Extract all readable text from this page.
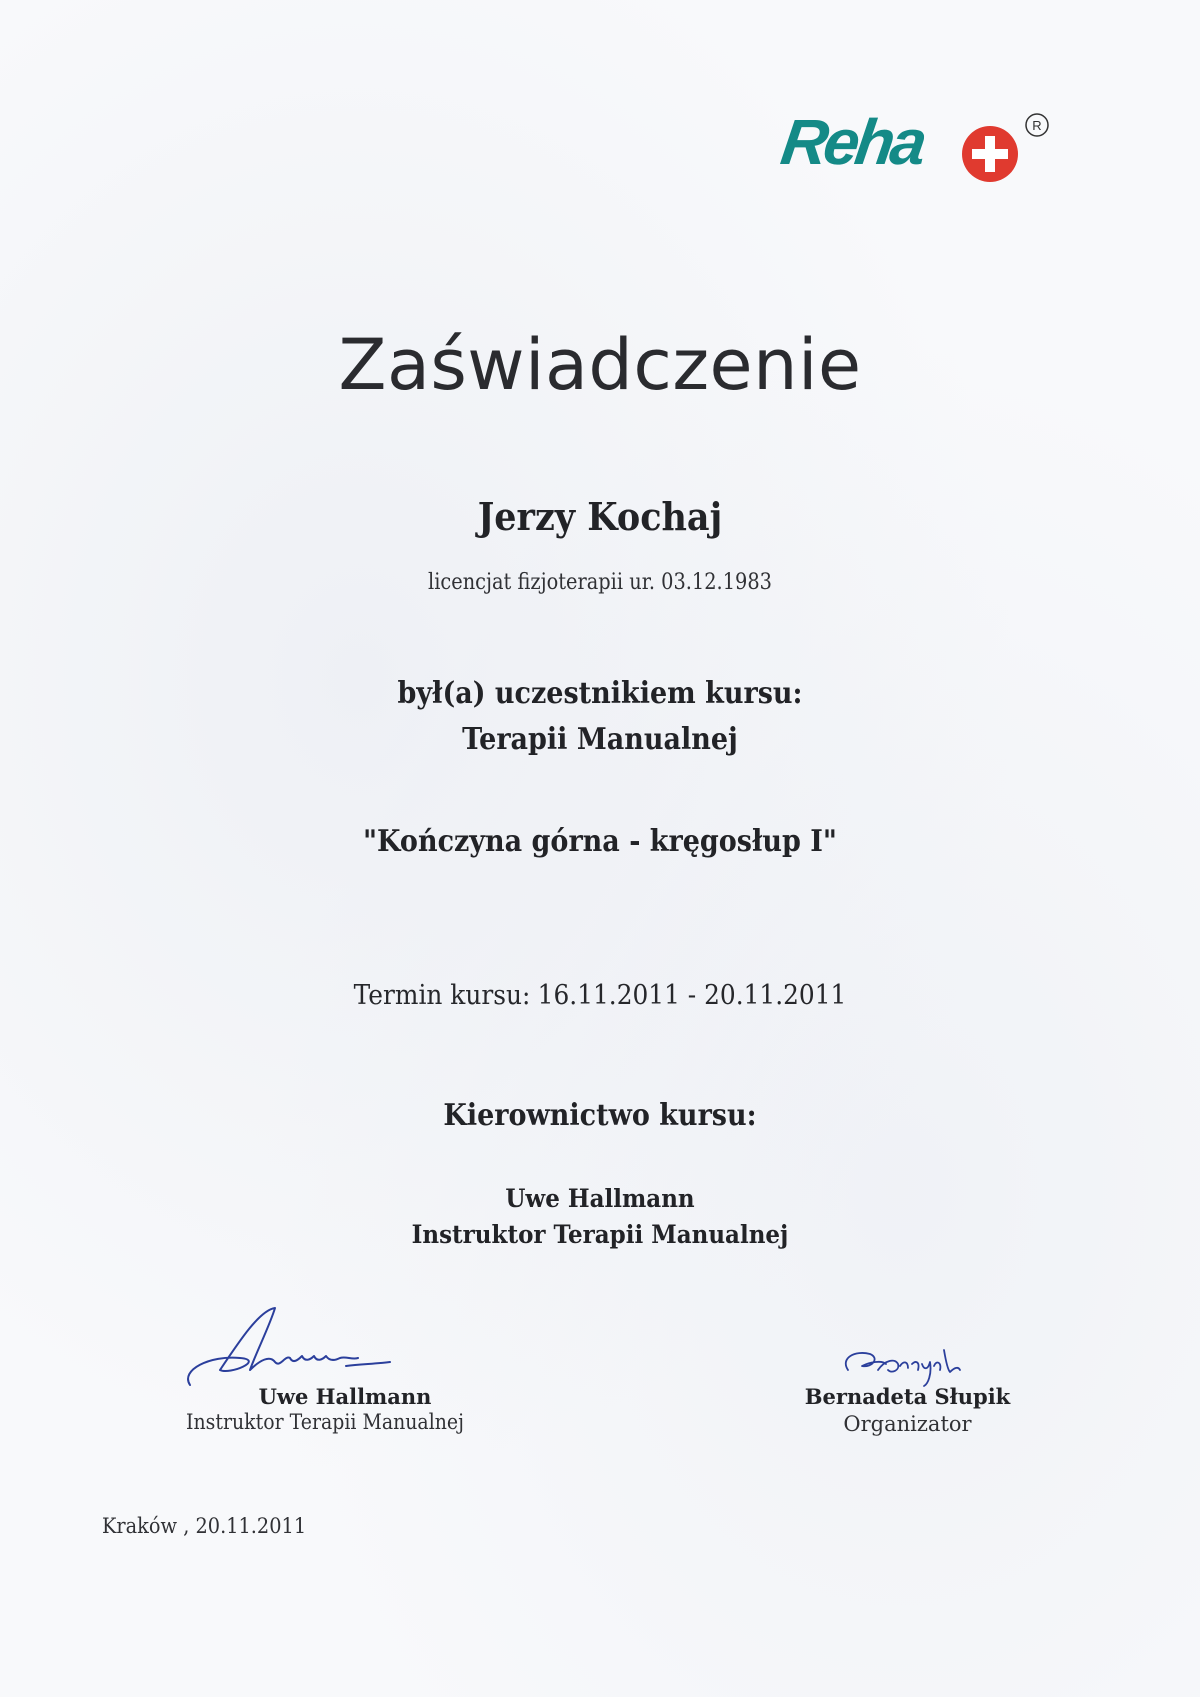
Reha	R
Zaświadczenie
Jerzy Kochaj
licencjat fizjoterapii ur. 03.12.1983
był(a) uczestnikiem kursu:
Terapii Manualnej
"Kończyna górna - kręgosłup I"
Termin kursu: 16.11.2011 - 20.11.2011
Kierownictwo kursu:
Uwe Hallmann
Instruktor Terapii Manualnej
Uwe Hallmann
Instruktor Terapii Manualnej
Bernadeta Słupik
Organizator
Kraków , 20.11.2011
